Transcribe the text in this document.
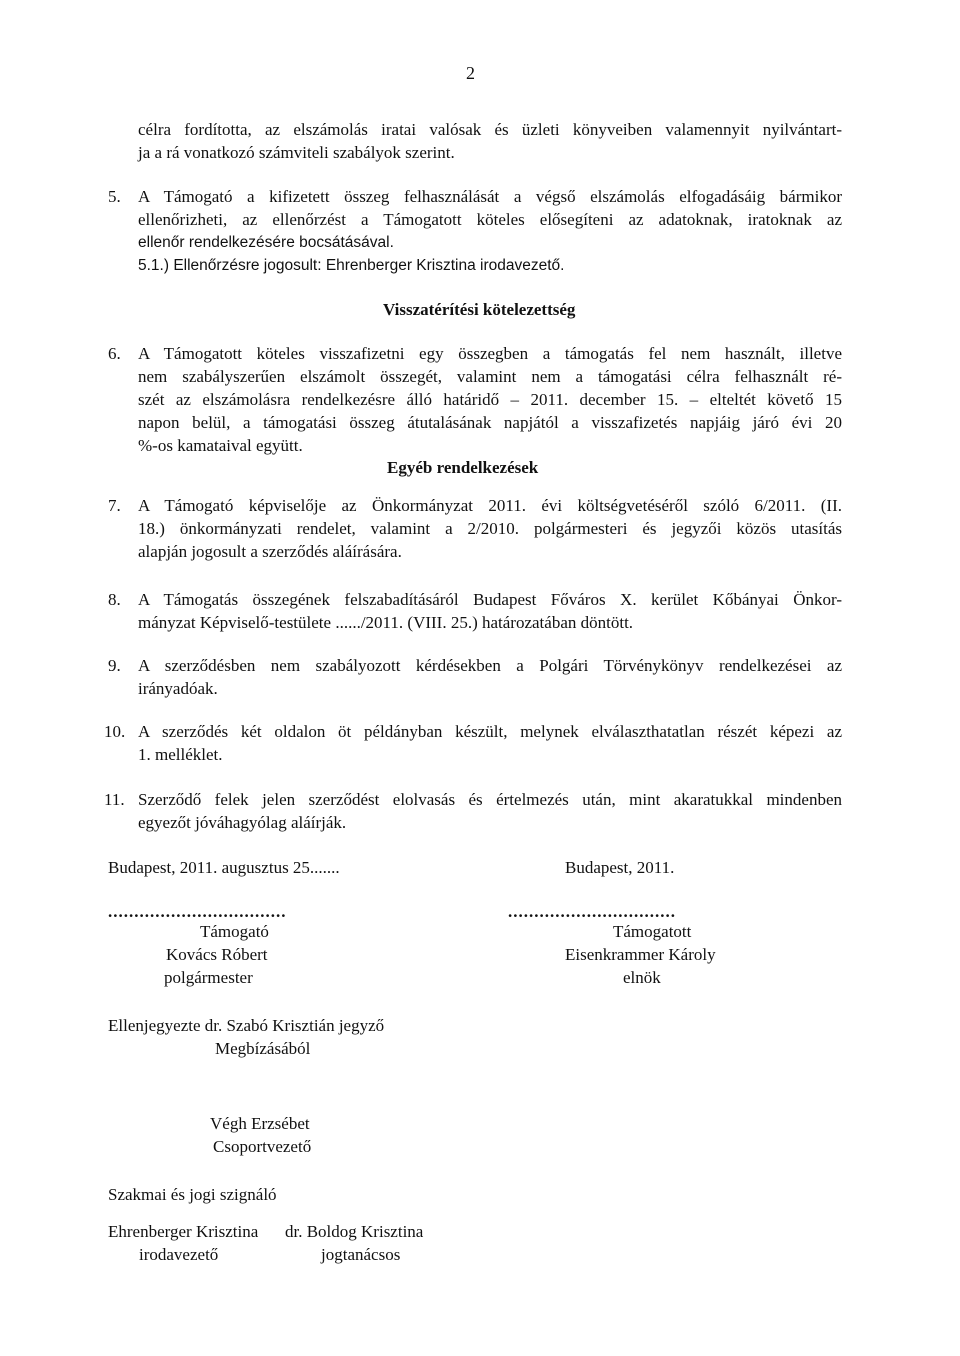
2
célra fordította, az elszámolás iratai valósak és üzleti könyveiben valamennyit nyilvántart-
ja a rá vonatkozó számviteli szabályok szerint.
5. A Támogató a kifizetett összeg felhasználását a végső elszámolás elfogadásáig bármikor
ellenőrizheti, az ellenőrzést a Támogatott köteles elősegíteni az adatoknak, iratoknak az
ellenőr rendelkezésére bocsátásával.
5.1.) Ellenőrzésre jogosult: Ehrenberger Krisztina irodavezető.
Visszatérítési kötelezettség
6. A Támogatott köteles visszafizetni egy összegben a támogatás fel nem használt, illetve
nem szabályszerűen elszámolt összegét, valamint nem a támogatási célra felhasznált ré-
szét az elszámolásra rendelkezésre álló határidő – 2011. december 15. – elteltét követő 15
napon belül, a támogatási összeg átutalásának napjától a visszafizetés napjáig járó évi 20
%-os kamataival együtt.
Egyéb rendelkezések
7. A Támogató képviselője az Önkormányzat 2011. évi költségvetéséről szóló 6/2011. (II.
18.) önkormányzati rendelet, valamint a 2/2010. polgármesteri és jegyzői közös utasítás
alapján jogosult a szerződés aláírására.
8. A Támogatás összegének felszabadításáról Budapest Főváros X. kerület Kőbányai Önkor-
mányzat Képviselő-testülete ....../2011. (VIII. 25.) határozatában döntött.
9. A szerződésben nem szabályozott kérdésekben a Polgári Törvénykönyv rendelkezései az
irányadóak.
10. A szerződés két oldalon öt példányban készült, melynek elválaszthatatlan részét képezi az
1. melléklet.
11. Szerződő felek jelen szerződést elolvasás és értelmezés után, mint akaratukkal mindenben
egyezőt jóváhagyólag aláírják.
Budapest, 2011. augusztus 25.......	Budapest, 2011.
..................................	................................
Támogató
Kovács Róbert
polgármester
Támogatott
Eisenkrammer Károly
elnök
Ellenjegyezte dr. Szabó Krisztián jegyző
Megbízásából
Végh Erzsébet
Csoportvezető
Szakmai és jogi szignáló
Ehrenberger Krisztina
irodavezető
dr. Boldog Krisztina
jogtanácsos
